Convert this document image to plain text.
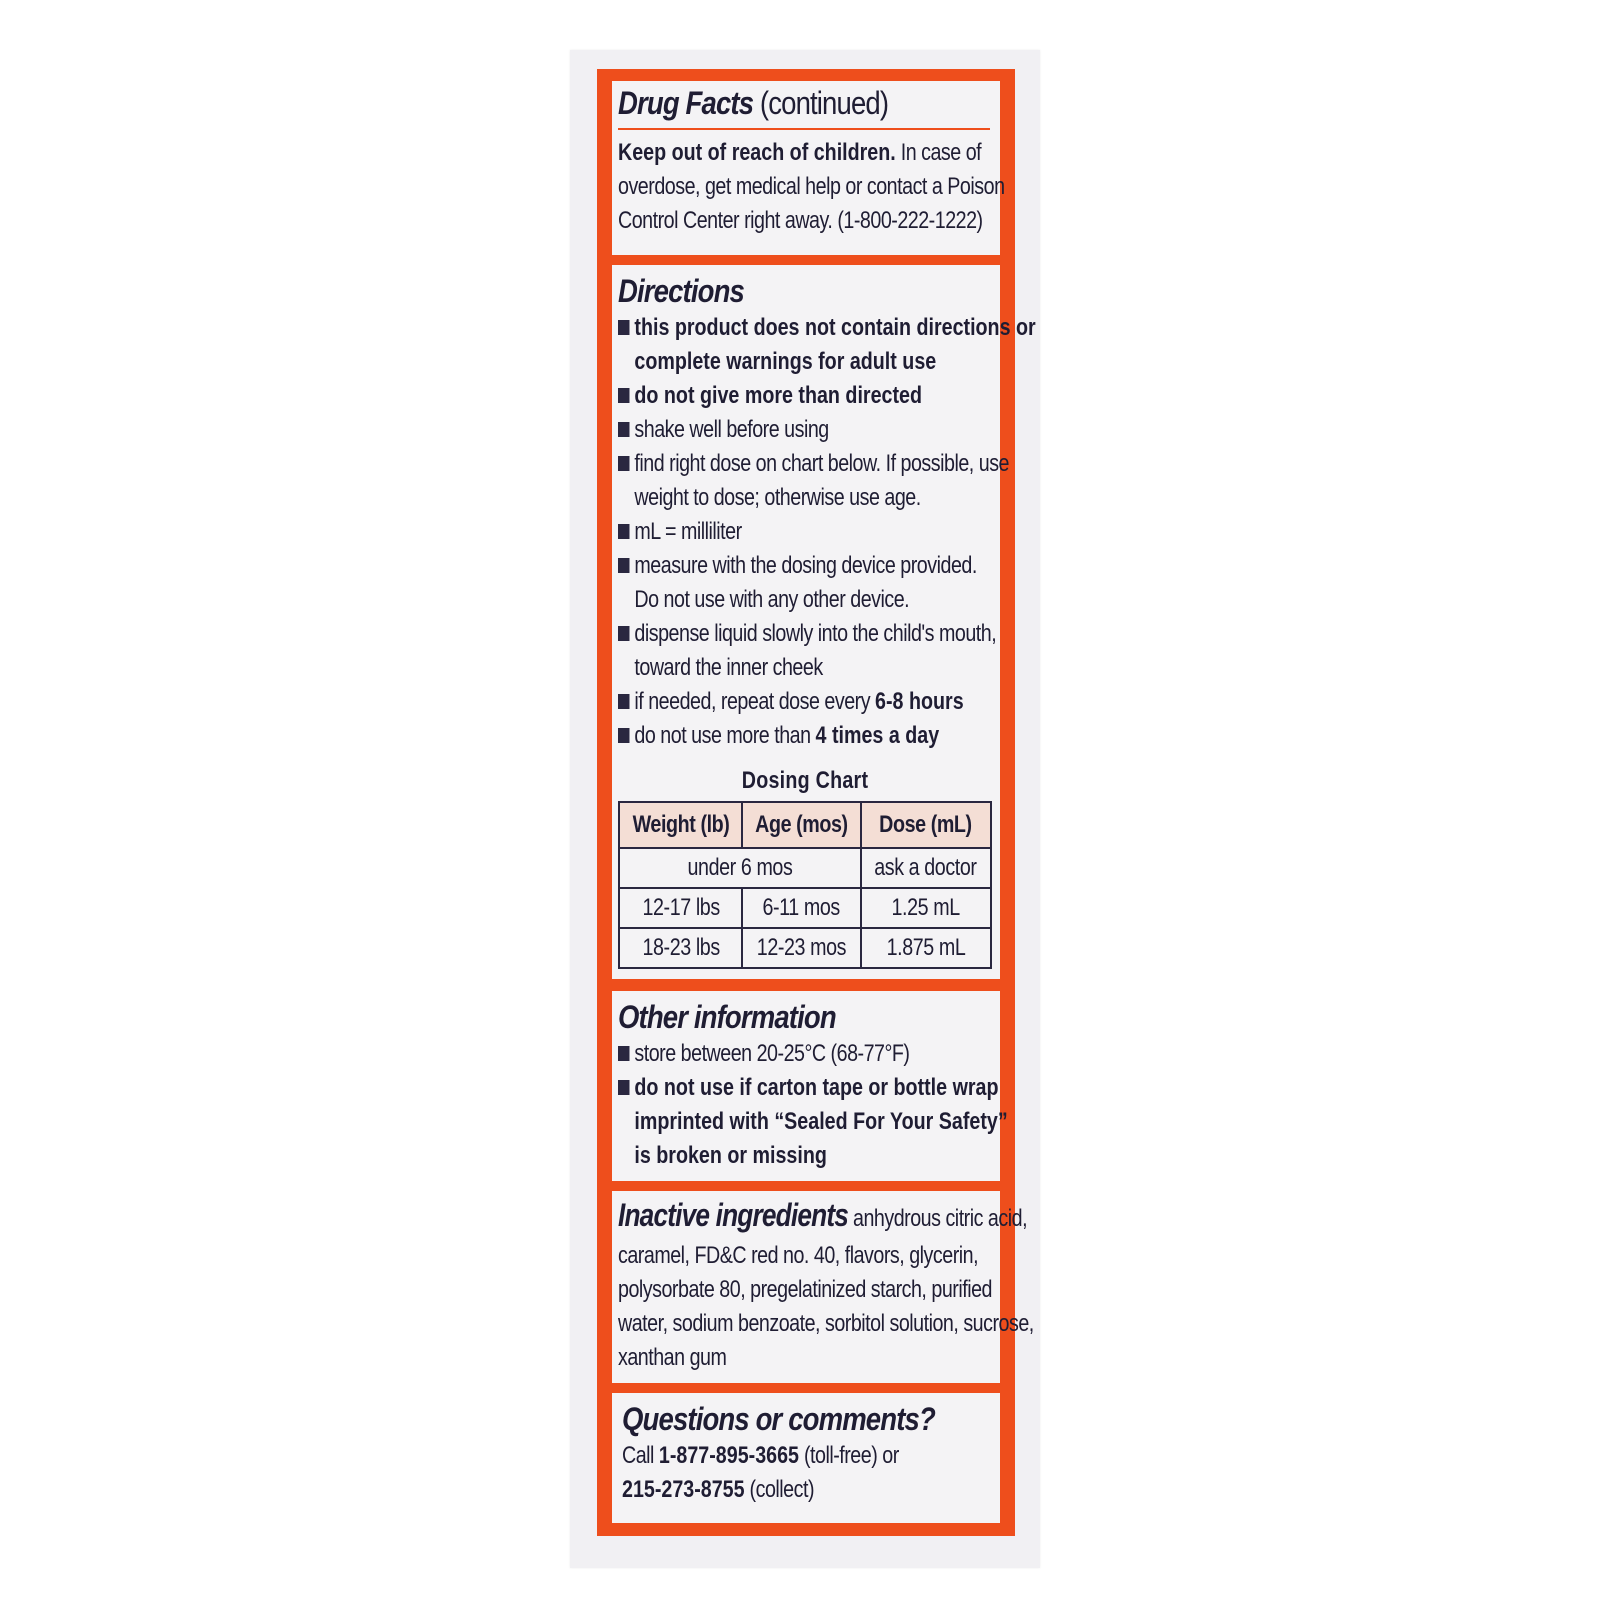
Drug Facts (continued)
Keep out of reach of children. In case of
overdose, get medical help or contact a Poison
Control Center right away. (1-800-222-1222)
Directions
this product does not contain directions or
complete warnings for adult use
do not give more than directed
shake well before using
find right dose on chart below. If possible, use
weight to dose; otherwise use age.
mL = milliliter
measure with the dosing device provided.
Do not use with any other device.
dispense liquid slowly into the child's mouth,
toward the inner cheek
if needed, repeat dose every 6-8 hours
do not use more than 4 times a day
Dosing Chart
Weight (lb)	Age (mos)	Dose (mL)
under 6 mos		ask a doctor
12-17 lbs	6-11 mos	1.25 mL
18-23 lbs	12-23 mos	1.875 mL
Other information
store between 20-25°C (68-77°F)
do not use if carton tape or bottle wrap
imprinted with “Sealed For Your Safety”
is broken or missing
Inactive ingredients anhydrous citric acid,
caramel, FD&C red no. 40, flavors, glycerin,
polysorbate 80, pregelatinized starch, purified
water, sodium benzoate, sorbitol solution, sucrose,
xanthan gum
Questions or comments?
Call 1-877-895-3665 (toll-free) or
215-273-8755 (collect)
